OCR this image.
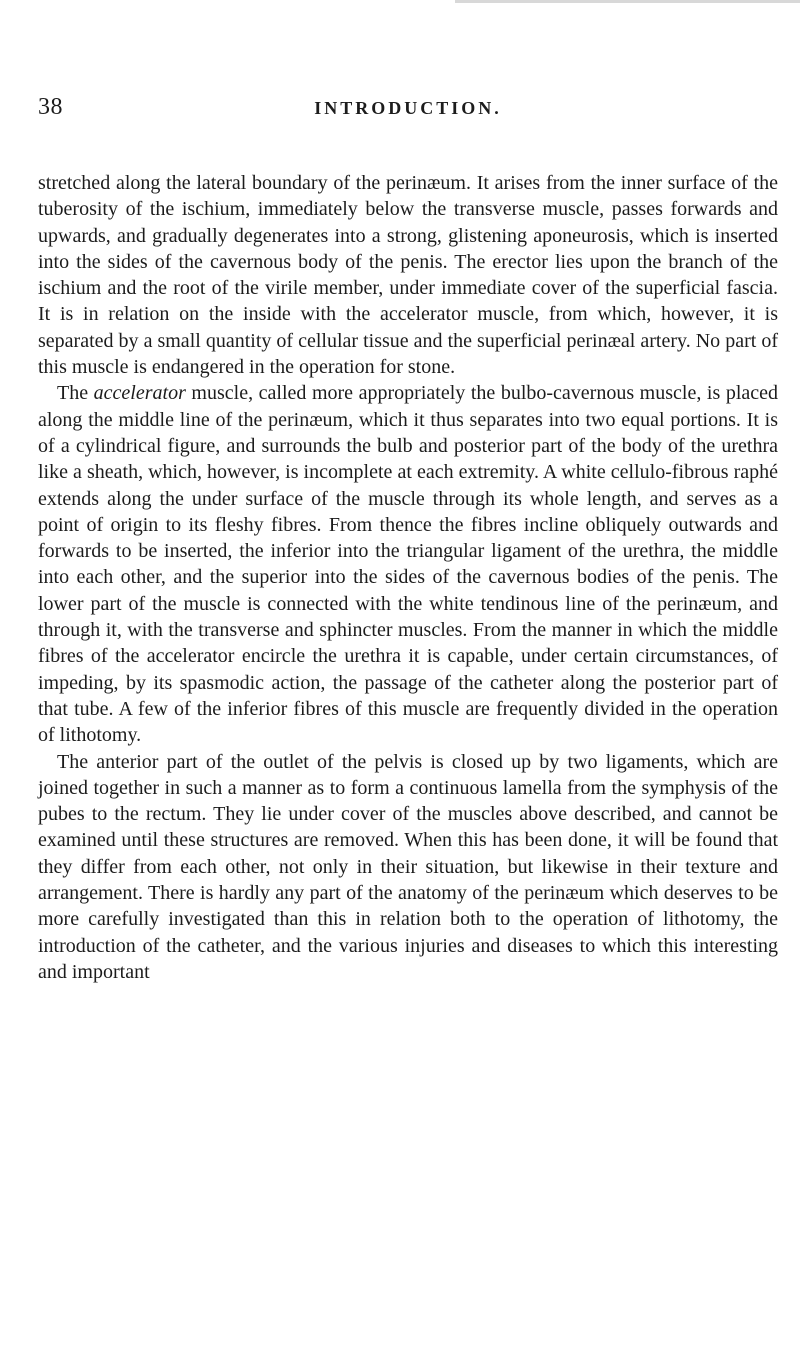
38	INTRODUCTION.

stretched along the lateral boundary of the perinæum. It arises from the inner surface of the tuberosity of the ischium, immediately below the transverse muscle, passes forwards and upwards, and gradually degenerates into a strong, glistening aponeurosis, which is inserted into the sides of the cavernous body of the penis. The erector lies upon the branch of the ischium and the root of the virile member, under immediate cover of the superficial fascia. It is in relation on the inside with the accelerator muscle, from which, however, it is separated by a small quantity of cellular tissue and the superficial perinæal artery. No part of this muscle is endangered in the operation for stone.

The accelerator muscle, called more appropriately the bulbo-cavernous muscle, is placed along the middle line of the perinæum, which it thus separates into two equal portions. It is of a cylindrical figure, and surrounds the bulb and posterior part of the body of the urethra like a sheath, which, however, is incomplete at each extremity. A white cellulo-fibrous raphé extends along the under surface of the muscle through its whole length, and serves as a point of origin to its fleshy fibres. From thence the fibres incline obliquely outwards and forwards to be inserted, the inferior into the triangular ligament of the urethra, the middle into each other, and the superior into the sides of the cavernous bodies of the penis. The lower part of the muscle is connected with the white tendinous line of the perinæum, and through it, with the transverse and sphincter muscles. From the manner in which the middle fibres of the accelerator encircle the urethra it is capable, under certain circumstances, of impeding, by its spasmodic action, the passage of the catheter along the posterior part of that tube. A few of the inferior fibres of this muscle are frequently divided in the operation of lithotomy.

The anterior part of the outlet of the pelvis is closed up by two ligaments, which are joined together in such a manner as to form a continuous lamella from the symphysis of the pubes to the rectum. They lie under cover of the muscles above described, and cannot be examined until these structures are removed. When this has been done, it will be found that they differ from each other, not only in their situation, but likewise in their texture and arrangement. There is hardly any part of the anatomy of the perinæum which deserves to be more carefully investigated than this in relation both to the operation of lithotomy, the introduction of the catheter, and the various injuries and diseases to which this interesting and important
